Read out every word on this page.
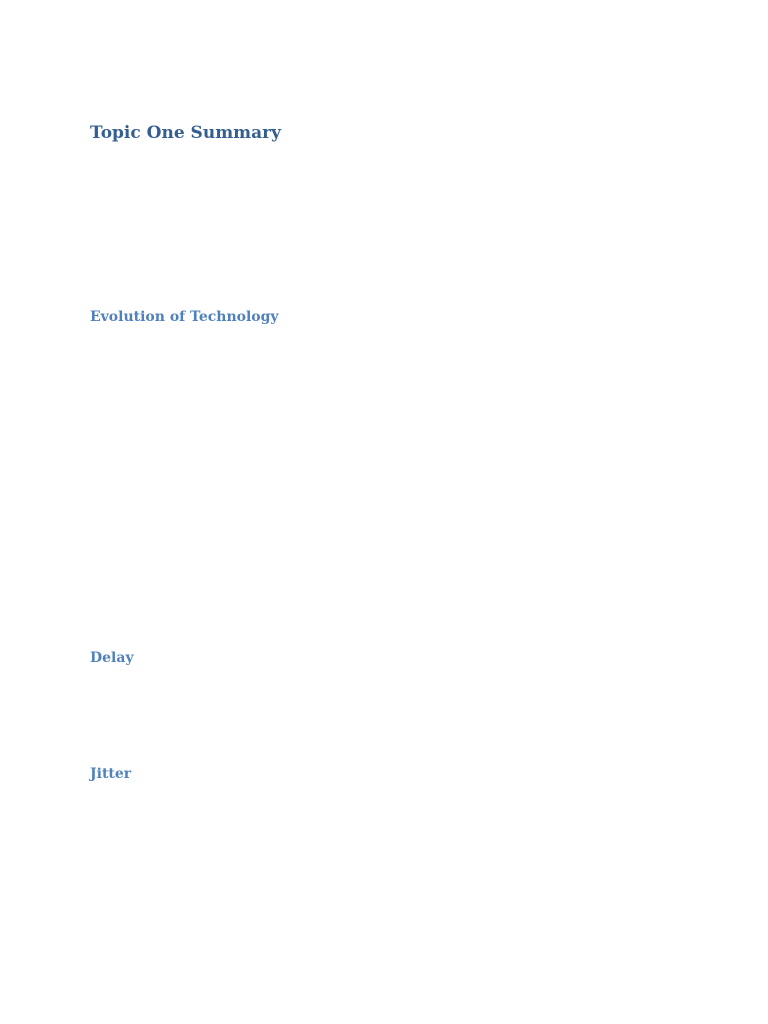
Topic One Summary
Evolution of Technology
Delay
Jitter
